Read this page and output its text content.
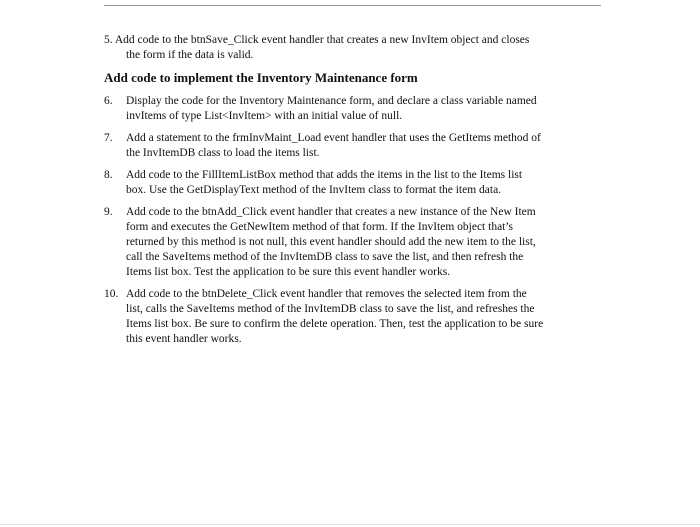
5. Add code to the btnSave_Click event handler that creates a new InvItem object and closes the form if the data is valid.

Add code to implement the Inventory Maintenance form
6. Display the code for the Inventory Maintenance form, and declare a class variable named invItems of type List<InvItem> with an initial value of null.
7. Add a statement to the frmInvMaint_Load event handler that uses the GetItems method of the InvItemDB class to load the items list.
8. Add code to the FillItemListBox method that adds the items in the list to the Items list box. Use the GetDisplayText method of the InvItem class to format the item data.
9. Add code to the btnAdd_Click event handler that creates a new instance of the New Item form and executes the GetNewItem method of that form. If the InvItem object that’s returned by this method is not null, this event handler should add the new item to the list, call the SaveItems method of the InvItemDB class to save the list, and then refresh the Items list box. Test the application to be sure this event handler works.
10. Add code to the btnDelete_Click event handler that removes the selected item from the list, calls the SaveItems method of the InvItemDB class to save the list, and refreshes the Items list box. Be sure to confirm the delete operation. Then, test the application to be sure this event handler works.
